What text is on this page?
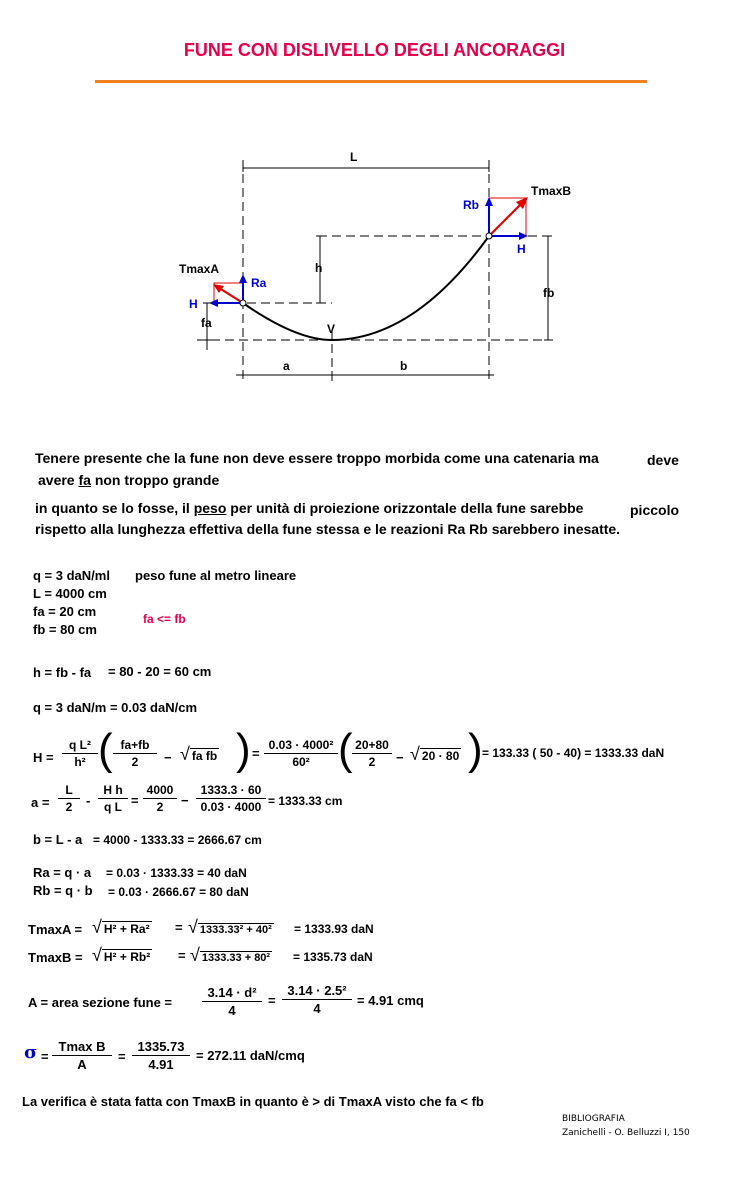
FUNE CON DISLIVELLO DEGLI ANCORAGGI
L
TmaxB
Rb
H
h
fb
TmaxA
Ra
H
fa	V
a	b
Tenere presente che la fune non deve essere troppo morbida come una catenaria ma	deve
avere fa non troppo grande
in quanto se lo fosse, il peso per unità di proiezione orizzontale della fune sarebbe	piccolo
rispetto alla lunghezza effettiva della fune stessa e le reazioni Ra Rb sarebbero inesatte.
q = 3 daN/ml peso fune al metro lineare
L = 4000 cm
fa = 20 cm
fb = 80 cm
fa <= fb
h = fb - fa = 80 - 20 = 60 cm
q = 3 daN/m = 0.03 daN/cm
H =
q L²
h² ( fa+fb
2	− √ fa fb ) =
0.03 · 4000²
60² ( 20+80
2	− √ 20 · 80 ) = 133.33 ( 50 - 40) = 1333.33 daN
a =
L
2	-
H h
q L =
4000
2	−
1333.3 · 60
0.03 · 4000 = 1333.33 cm
b = L - a = 4000 - 1333.33 = 2666.67 cm
Ra = q · a = 0.03 · 1333.33 = 40 daN
Rb = q · b = 0.03 · 2666.67 = 80 daN
TmaxA = √ H² + Ra² = √ 1333.33² + 40² = 1333.93 daN
TmaxB = √ H² + Rb² = √ 1333.33 + 80² = 1335.73 daN
A = area sezione fune =
3.14 · d²
4
=
3.14 · 2.5²
4
= 4.91 cmq
σ =
Tmax B
A
=
1335.73
4.91
= 272.11 daN/cmq
La verifica è stata fatta con TmaxB in quanto è > di TmaxA visto che fa < fb
BIBLIOGRAFIA
Zanichelli - O. Belluzzi I, 150
